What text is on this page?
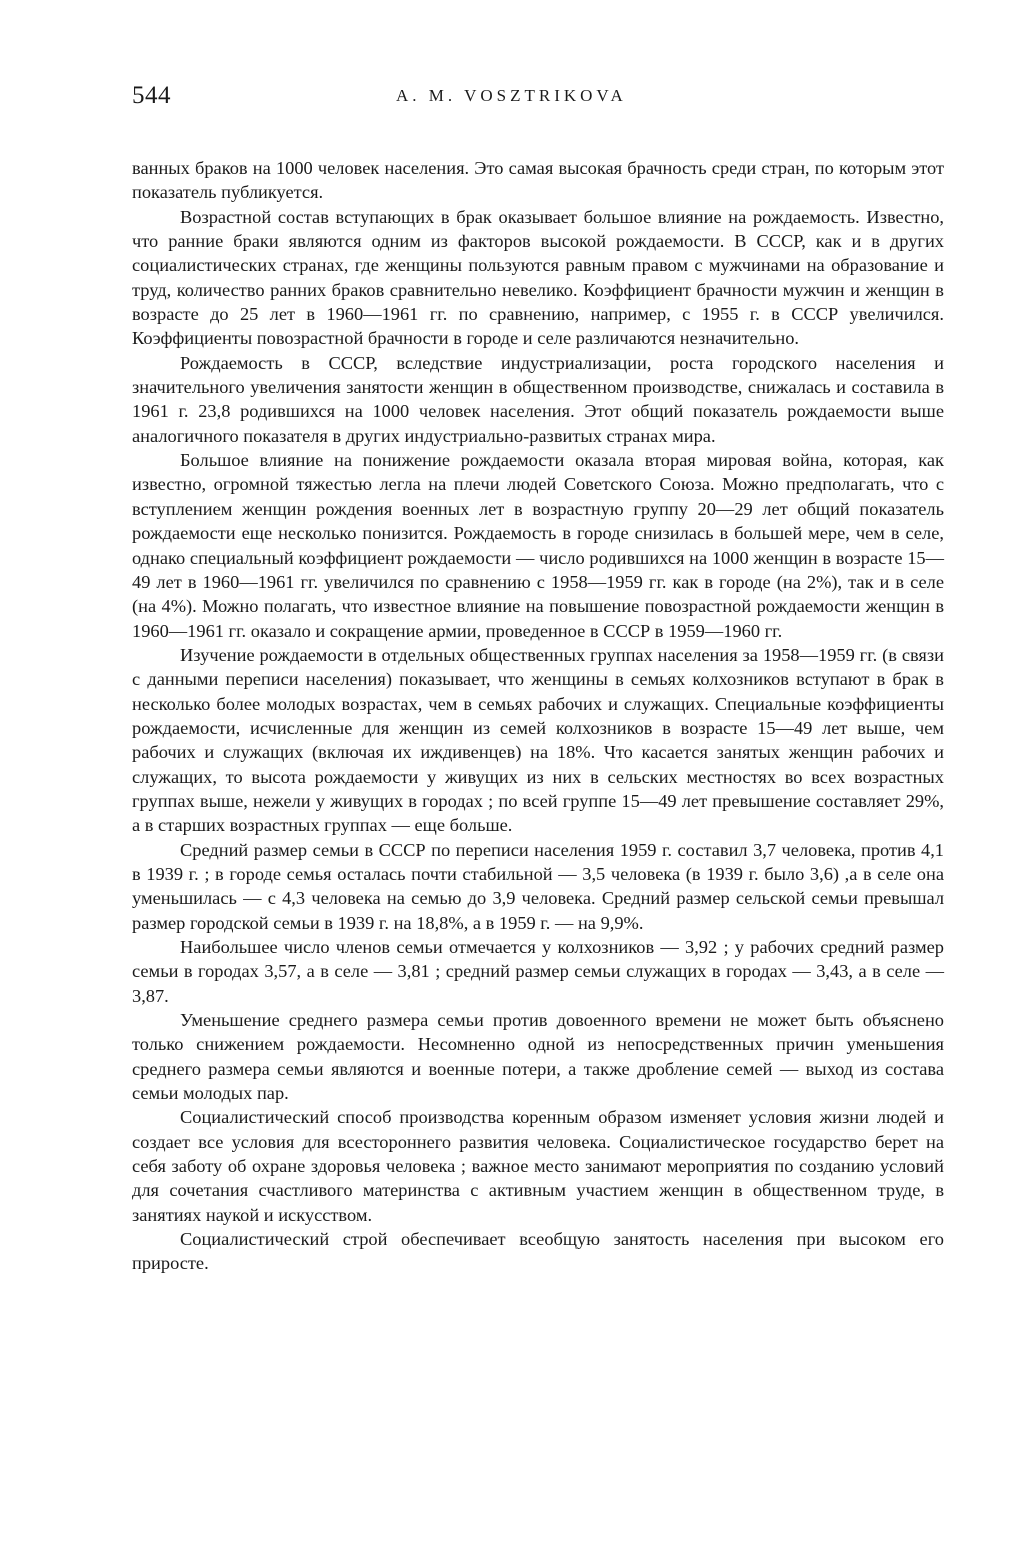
544	A. M. VOSZTRIKOVA

ванных браков на 1000 человек населения. Это самая высокая брачность среди стран, по которым этот показатель публикуется.

Возрастной состав вступающих в брак оказывает большое влияние на рождаемость. Известно, что ранние браки являются одним из факторов высокой рождаемости. В СССР, как и в других социалистических странах, где женщины пользуются равным правом с мужчинами на образование и труд, количество ранних браков сравнительно невелико. Коэффициент брачности мужчин и женщин в возрасте до 25 лет в 1960—1961 гг. по сравнению, например, с 1955 г. в СССР увеличился. Коэффициенты повозрастной брачности в городе и селе различаются незначительно.

Рождаемость в СССР, вследствие индустриализации, роста городского населения и значительного увеличения занятости женщин в общественном производстве, снижалась и составила в 1961 г. 23,8 родившихся на 1000 человек населения. Этот общий показатель рождаемости выше аналогичного показателя в других индустриально-развитых странах мира.

Большое влияние на понижение рождаемости оказала вторая мировая война, которая, как известно, огромной тяжестью легла на плечи людей Советского Союза. Можно предполагать, что с вступлением женщин рождения военных лет в возрастную группу 20—29 лет общий показатель рождаемости еще несколько понизится. Рождаемость в городе снизилась в большей мере, чем в селе, однако специальный коэффициент рождаемости — число родившихся на 1000 женщин в возрасте 15—49 лет в 1960—1961 гг. увеличился по сравнению с 1958—1959 гг. как в городе (на 2%), так и в селе (на 4%). Можно полагать, что известное влияние на повышение повозрастной рождаемости женщин в 1960—1961 гг. оказало и сокращение армии, проведенное в СССР в 1959—1960 гг.

Изучение рождаемости в отдельных общественных группах населения за 1958—1959 гг. (в связи с данными переписи населения) показывает, что женщины в семьях колхозников вступают в брак в несколько более молодых возрастах, чем в семьях рабочих и служащих. Специальные коэффициенты рождаемости, исчисленные для женщин из семей колхозников в возрасте 15—49 лет выше, чем рабочих и служащих (включая их иждивенцев) на 18%. Что касается занятых женщин рабочих и служащих, то высота рождаемости у живущих из них в сельских местностях во всех возрастных группах выше, нежели у живущих в городах ; по всей группе 15—49 лет превышение составляет 29%, а в старших возрастных группах — еще больше.

Средний размер семьи в СССР по переписи населения 1959 г. составил 3,7 человека, против 4,1 в 1939 г. ; в городе семья осталась почти стабильной — 3,5 человека (в 1939 г. было 3,6) ,а в селе она уменьшилась — с 4,3 человека на семью до 3,9 человека. Средний размер сельской семьи превышал размер городской семьи в 1939 г. на 18,8%, а в 1959 г. — на 9,9%.

Наибольшее число членов семьи отмечается у колхозников — 3,92 ; у рабочих средний размер семьи в городах 3,57, а в селе — 3,81 ; средний размер семьи служащих в городах — 3,43, а в селе — 3,87.

Уменьшение среднего размера семьи против довоенного времени не может быть объяснено только снижением рождаемости. Несомненно одной из непосредственных причин уменьшения среднего размера семьи являются и военные потери, а также дробление семей — выход из состава семьи молодых пар.

Социалистический способ производства коренным образом изменяет условия жизни людей и создает все условия для всестороннего развития человека. Социалистическое государство берет на себя заботу об охране здоровья человека ; важное место занимают мероприятия по созданию условий для сочетания счастливого материнства с активным участием женщин в общественном труде, в занятиях наукой и искусством.

Социалистический строй обеспечивает всеобщую занятость населения при высоком его приросте.
